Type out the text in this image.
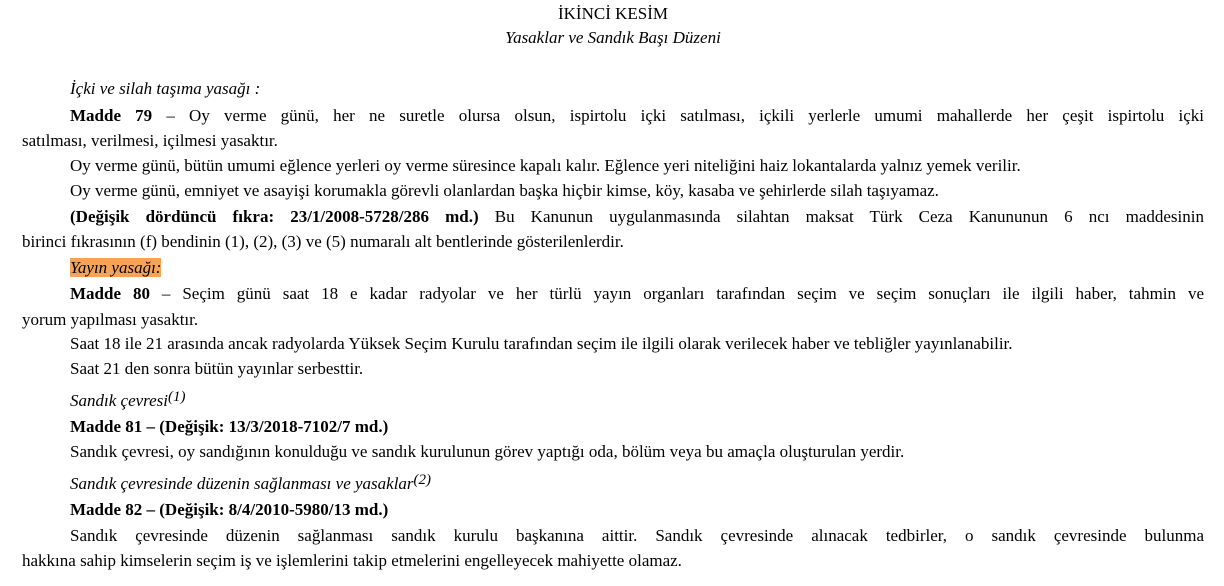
İKİNCİ KESİM
Yasaklar ve Sandık Başı Düzeni
İçki ve silah taşıma yasağı :
Madde 79 – Oy verme günü, her ne suretle olursa olsun, ispirtolu içki satılması, içkili yerlerle umumi mahallerde her çeşit ispirtolu içki
satılması, verilmesi, içilmesi yasaktır.
Oy verme günü, bütün umumi eğlence yerleri oy verme süresince kapalı kalır. Eğlence yeri niteliğini haiz lokantalarda yalnız yemek verilir.
Oy verme günü, emniyet ve asayişi korumakla görevli olanlardan başka hiçbir kimse, köy, kasaba ve şehirlerde silah taşıyamaz.
(Değişik dördüncü fıkra: 23/1/2008-5728/286 md.) Bu Kanunun uygulanmasında silahtan maksat Türk Ceza Kanununun 6 ncı maddesinin
birinci fıkrasının (f) bendinin (1), (2), (3) ve (5) numaralı alt bentlerinde gösterilenlerdir.
Yayın yasağı:
Madde 80 – Seçim günü saat 18 e kadar radyolar ve her türlü yayın organları tarafından seçim ve seçim sonuçları ile ilgili haber, tahmin ve
yorum yapılması yasaktır.
Saat 18 ile 21 arasında ancak radyolarda Yüksek Seçim Kurulu tarafından seçim ile ilgili olarak verilecek haber ve tebliğler yayınlanabilir.
Saat 21 den sonra bütün yayınlar serbesttir.
Sandık çevresi$^{(1)}$
Madde 81 – (Değişik: 13/3/2018-7102/7 md.)
Sandık çevresi, oy sandığının konulduğu ve sandık kurulunun görev yaptığı oda, bölüm veya bu amaçla oluşturulan yerdir.
Sandık çevresinde düzenin sağlanması ve yasaklar$^{(2)}$
Madde 82 – (Değişik: 8/4/2010-5980/13 md.)
Sandık çevresinde düzenin sağlanması sandık kurulu başkanına aittir. Sandık çevresinde alınacak tedbirler, o sandık çevresinde bulunma
hakkına sahip kimselerin seçim iş ve işlemlerini takip etmelerini engelleyecek mahiyette olamaz.
